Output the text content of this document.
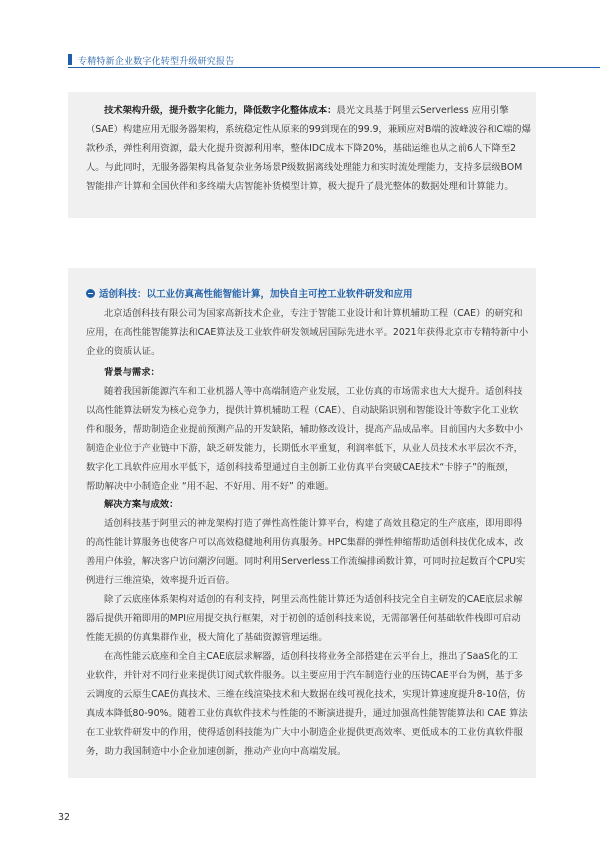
专精特新企业数字化转型升级研究报告
技术架构升级，提升数字化能力，降低数字化整体成本：晨光文具基于阿里云Serverless 应用引擎
（SAE）构建应用无服务器架构，系统稳定性从原来的99到现在的99.9，兼顾应对B端的波峰波谷和C端的爆
款秒杀，弹性利用资源，最大化提升资源利用率，整体IDC成本下降20%，基础运维也从之前6人下降至2
人。与此同时，无服务器架构具备复杂业务场景P级数据离线处理能力和实时流处理能力，支持多层级BOM
智能排产计算和全国伙伴和多终端大店智能补货模型计算，极大提升了晨光整体的数据处理和计算能力。
适创科技：以工业仿真高性能智能计算，加快自主可控工业软件研发和应用
北京适创科技有限公司为国家高新技术企业，专注于智能工业设计和计算机辅助工程（CAE）的研究和
应用，在高性能智能算法和CAE算法及工业软件研发领域居国际先进水平。2021年获得北京市专精特新中小
企业的资质认证。
背景与需求：
随着我国新能源汽车和工业机器人等中高端制造产业发展，工业仿真的市场需求也大大提升。适创科技
以高性能算法研发为核心竞争力，提供计算机辅助工程（CAE）、自动缺陷识别和智能设计等数字化工业软
件和服务，帮助制造企业提前预测产品的开发缺陷，辅助修改设计，提高产品成品率。目前国内大多数中小
制造企业位于产业链中下游，缺乏研发能力，长期低水平重复，利润率低下，从业人员技术水平层次不齐，
数字化工具软件应用水平低下，适创科技希望通过自主创新工业仿真平台突破CAE技术“卡脖子”的瓶颈，
帮助解决中小制造企业 “用不起、不好用、用不好” 的难题。
解决方案与成效：
适创科技基于阿里云的神龙架构打造了弹性高性能计算平台，构建了高效且稳定的生产底座，即用即得
的高性能计算服务也使客户可以高效稳健地利用仿真服务。HPC集群的弹性伸缩帮助适创科技优化成本，改
善用户体验，解决客户访问潮汐问题。同时利用Serverless工作流编排函数计算，可同时拉起数百个CPU实
例进行三维渲染，效率提升近百倍。
除了云底座体系架构对适创的有利支持，阿里云高性能计算还为适创科技完全自主研发的CAE底层求解
器后提供开箱即用的MPI应用提交执行框架，对于初创的适创科技来说，无需部署任何基础软件栈即可启动
性能无损的仿真集群作业，极大简化了基础资源管理运维。
在高性能云底座和全自主CAE底层求解器，适创科技将业务全部搭建在云平台上，推出了SaaS化的工
业软件，并针对不同行业来提供订阅式软件服务。以主要应用于汽车制造行业的压铸CAE平台为例，基于多
云调度的云原生CAE仿真技术、三维在线渲染技术和大数据在线可视化技术，实现计算速度提升8-10倍，仿
真成本降低80-90%。随着工业仿真软件技术与性能的不断演进提升，通过加强高性能智能算法和 CAE 算法
在工业软件研发中的作用，使得适创科技能为广大中小制造企业提供更高效率、更低成本的工业仿真软件服
务，助力我国制造中小企业加速创新，推动产业向中高端发展。
32
